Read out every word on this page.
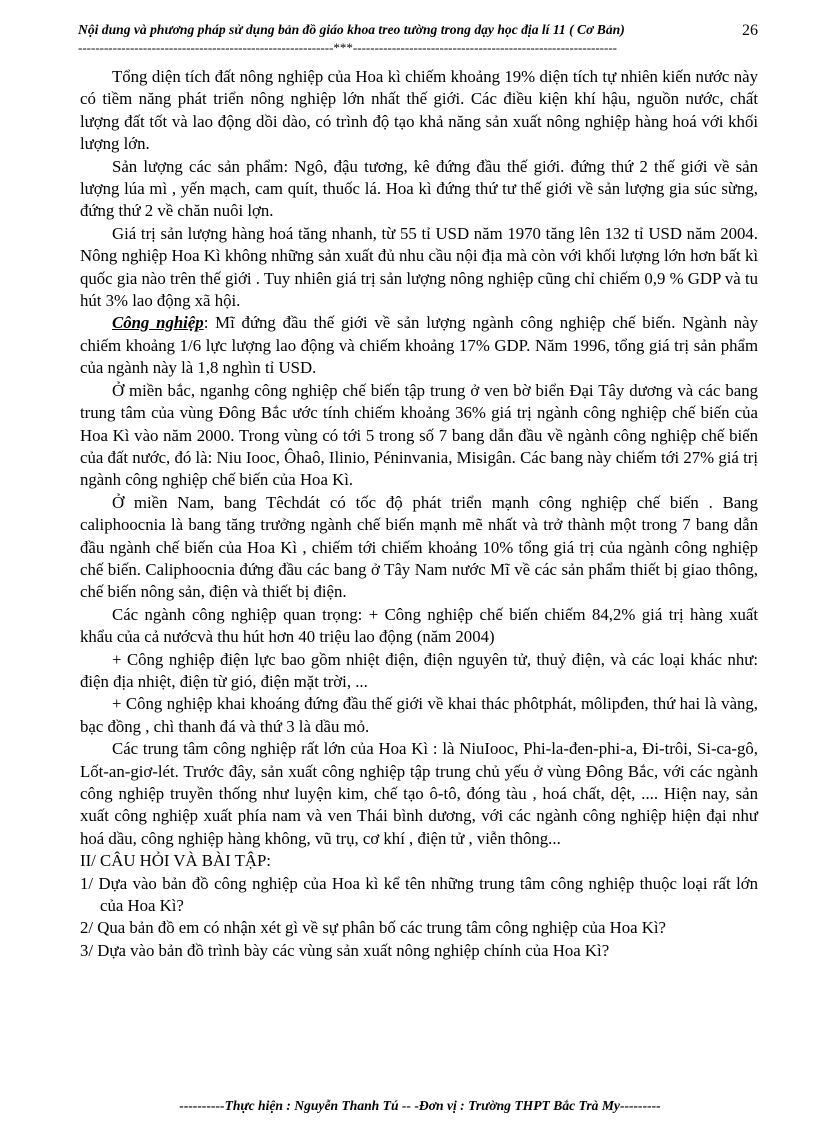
Nội dung và phương pháp sử dụng bản đồ giáo khoa treo tường trong dạy học địa lí 11 ( Cơ Bản)	26
-----------------------------------------------------------***-------------------------------------------------------------

Tổng diện tích đất nông nghiệp của Hoa kì chiếm khoảng 19% diện tích tự nhiên kiến nước này có tiềm năng phát triển nông nghiệp lớn nhất thế giới. Các điều kiện khí hậu, nguồn nước, chất lượng đất tốt và lao động dồi dào, có trình độ tạo khả năng sản xuất nông nghiệp hàng hoá với khối lượng lớn.

Sản lượng các sản phẩm: Ngô, đậu tương, kê đứng đầu thế giới. đứng thứ 2 thế giới về sản lượng lúa mì , yến mạch, cam quít, thuốc lá. Hoa kì đứng thứ tư thế giới về sản lượng gia súc sừng, đứng thứ 2 về chăn nuôi lợn.

Giá trị sản lượng hàng hoá tăng nhanh, từ 55 tỉ USD năm 1970 tăng lên 132 tỉ USD năm 2004. Nông nghiệp Hoa Kì không những sản xuất đủ nhu cầu nội địa mà còn với khối lượng lớn hơn bất kì quốc gia nào trên thế giới . Tuy nhiên giá trị sản lượng nông nghiệp cũng chỉ chiếm 0,9 % GDP và tu hút 3% lao động xã hội.

Công nghiệp: Mĩ đứng đầu thế giới về sản lượng ngành công nghiệp chế biến. Ngành này chiếm khoảng 1/6 lực lượng lao động và chiếm khoảng 17% GDP. Năm 1996, tổng giá trị sản phẩm của ngành này là 1,8 nghìn tỉ USD.

Ở miền bắc, nganhg công nghiệp chế biến tập trung ở ven bờ biển Đại Tây dương và các bang trung tâm của vùng Đông Bắc ước tính chiếm khoảng 36% giá trị ngành công nghiệp chế biến của Hoa Kì vào năm 2000. Trong vùng có tới 5 trong số 7 bang dẫn đầu về ngành công nghiệp chế biến của đất nước, đó là: Niu Iooc, Ôhaô, Ilinio, Péninvania, Misigân. Các bang này chiếm tới 27% giá trị ngành công nghiệp chế biến của Hoa Kì.

Ở miền Nam, bang Têchdát có tốc độ phát triển mạnh công nghiệp chế biến . Bang caliphoocnia là bang tăng trưởng ngành chế biến mạnh mẽ nhất và trở thành một trong 7 bang dẫn đầu ngành chế biến của Hoa Kì , chiếm tới chiếm khoảng 10% tổng giá trị của ngành công nghiệp chế biến. Caliphoocnia đứng đầu các bang ở Tây Nam nước Mĩ về các sản phẩm thiết bị giao thông, chế biến nông sản, điện và thiết bị điện.

Các ngành công nghiệp quan trọng: + Công nghiệp chế biến chiếm 84,2% giá trị hàng xuất khẩu của cả nướcvà thu hút hơn 40 triệu lao động (năm 2004)

+ Công nghiệp điện lực bao gồm nhiệt điện, điện nguyên tử, thuỷ điện, và các loại khác như: điện địa nhiệt, điện từ gió, điện mặt trời, ...

+ Công nghiệp khai khoáng đứng đầu thế giới về khai thác phôtphát, môlipđen, thứ hai là vàng, bạc đồng , chì thanh đá và thứ 3 là dầu mỏ.

Các trung tâm công nghiệp rất lớn của Hoa Kì : là NiuIooc, Phi-la-đen-phi-a, Đi-trôi, Si-ca-gô, Lốt-an-giơ-lét. Trước đây, sản xuất công nghiệp tập trung chủ yếu ở vùng Đông Bắc, với các ngành công nghiệp truyền thống như luyện kim, chế tạo ô-tô, đóng tàu , hoá chất, dệt, .... Hiện nay, sản xuất công nghiệp xuất phía nam và ven Thái bình dương, với các ngành công nghiệp hiện đại như hoá dầu, công nghiệp hàng không, vũ trụ, cơ khí , điện tử , viễn thông...

II/ CÂU HỎI VÀ BÀI TẬP:

1/ Dựa vào bản đồ công nghiệp của Hoa kì kể tên những trung tâm công nghiệp thuộc loại rất lớn của Hoa Kì?

2/ Qua bản đồ em có nhận xét gì về sự phân bố các trung tâm công nghiệp của Hoa Kì?

3/ Dựa vào bản đồ trình bày các vùng sản xuất nông nghiệp chính của Hoa Kì?

----------Thực hiện : Nguyễn Thanh Tú -- -Đơn vị : Trường THPT Bắc Trà My---------
